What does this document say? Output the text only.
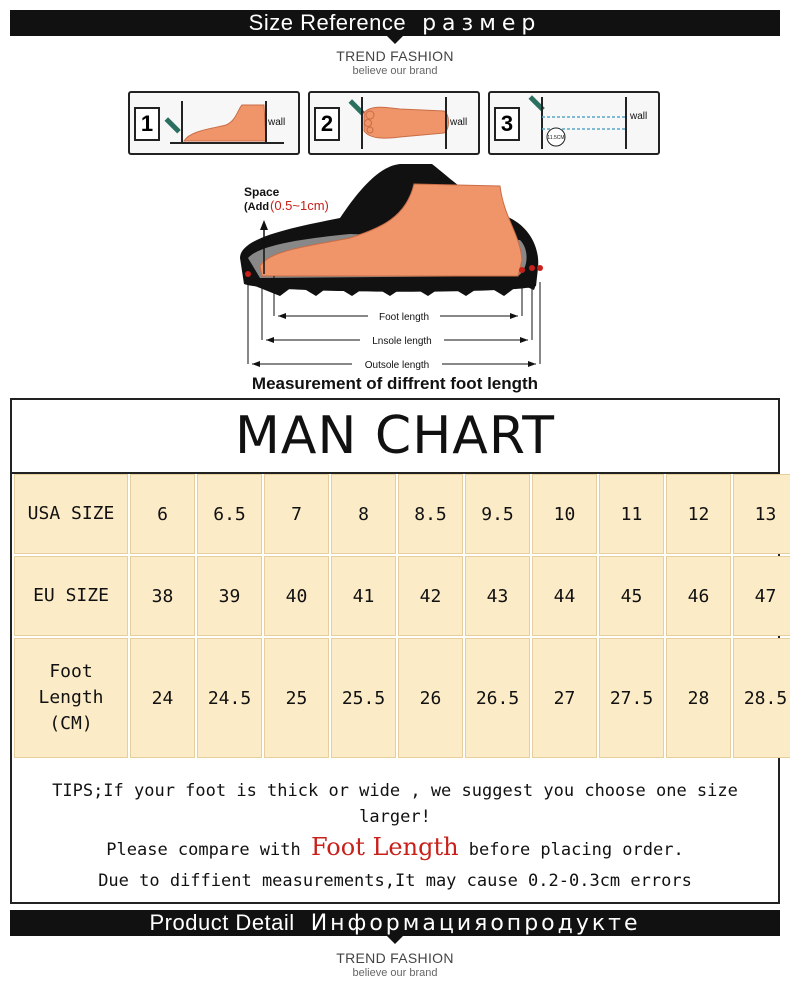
Size Reference размер
TREND FASHION
believe our brand
1	wall	2	wall	3
11.5CM
wall
Space
(Add (0.5~1cm)
Foot length
Lnsole length
Outsole length
Measurement of diffrent foot length
MAN CHART
USA SIZE	6	6.5	7	8	8.5	9.5	10	11	12	13
EU SIZE	38	39	40	41	42	43	44	45	46	47
Foot
Length
(CM)
24	24.5	25	25.5	26	26.5	27	27.5	28	28.5
TIPS;If your foot is thick or wide , we suggest you choose one size larger!
Please compare with Foot Length before placing order.
Due to diffient measurements,It may cause 0.2-0.3cm errors
Product Detail Информацияопродукте
TREND FASHION
believe our brand
